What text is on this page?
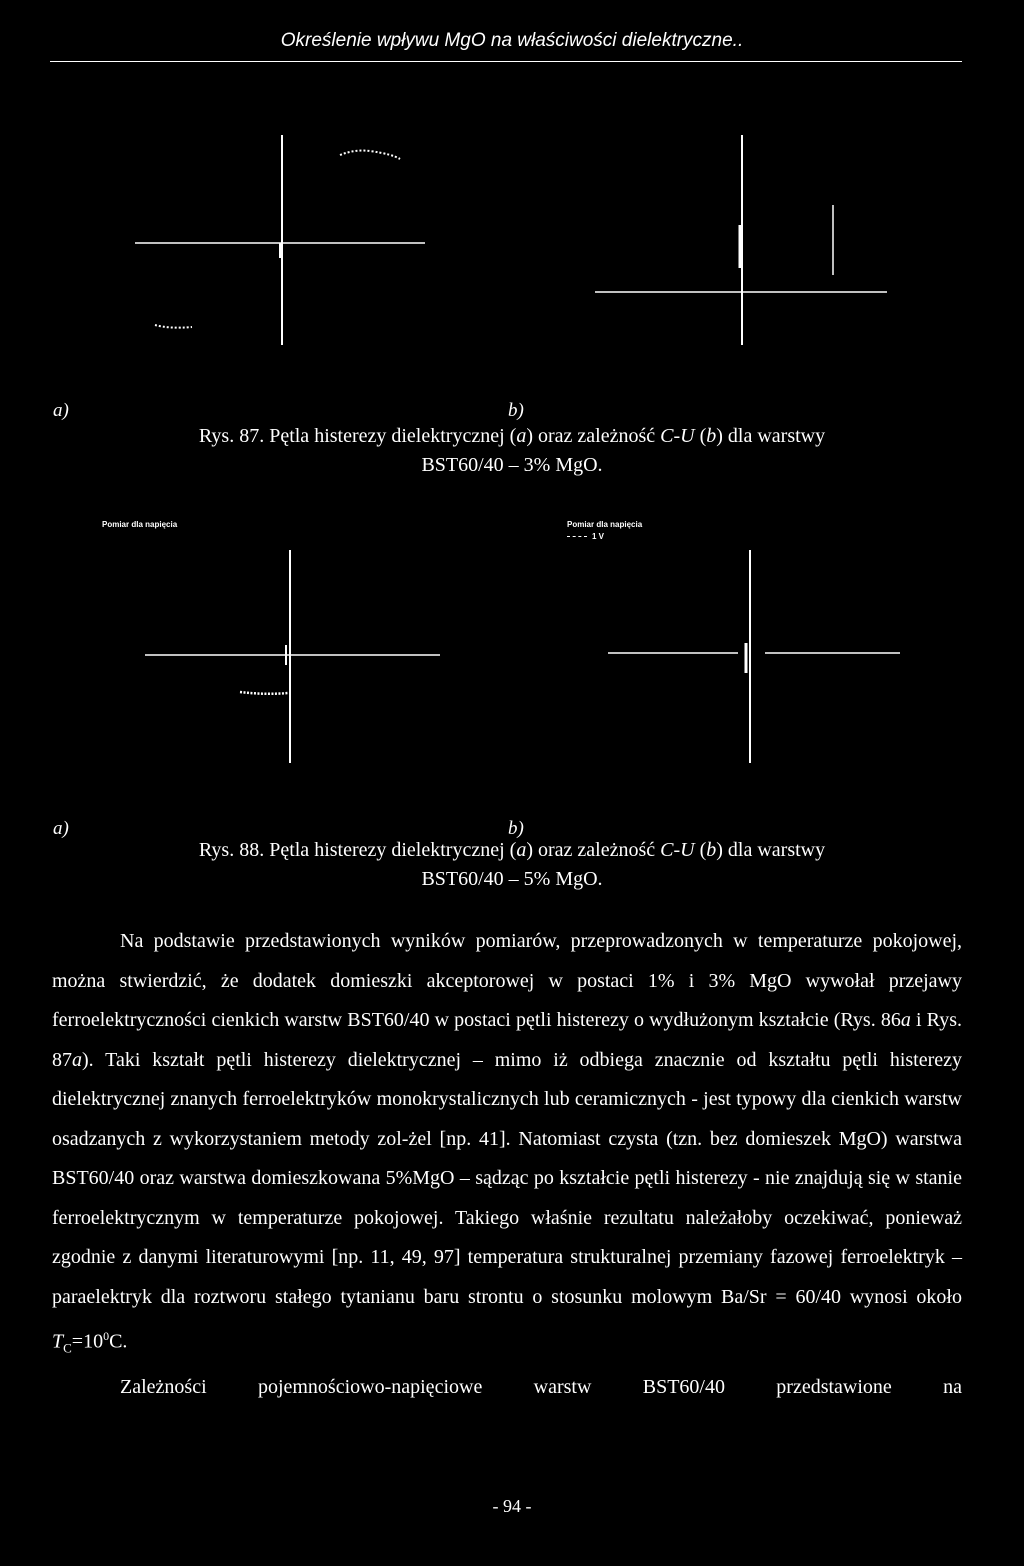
Określenie wpływu MgO na właściwości dielektryczne..
a)	b)
Rys. 87. Pętla histerezy dielektrycznej (a) oraz zależność C-U (b) dla warstwy
BST60/40 – 3% MgO.
Pomiar dla napięcia	Pomiar dla napięcia
1 V
a)	b)
Rys. 88. Pętla histerezy dielektrycznej (a) oraz zależność C-U (b) dla warstwy
BST60/40 – 5% MgO.

Na podstawie przedstawionych wyników pomiarów, przeprowadzonych w temperaturze pokojowej, można stwierdzić, że dodatek domieszki akceptorowej w postaci 1% i 3% MgO wywołał przejawy ferroelektryczności cienkich warstw BST60/40 w postaci pętli histerezy o wydłużonym kształcie (Rys. 86a i Rys. 87a). Taki kształt pętli histerezy dielektrycznej – mimo iż odbiega znacznie od kształtu pętli histerezy dielektrycznej znanych ferroelektryków monokrystalicznych lub ceramicznych - jest typowy dla cienkich warstw osadzanych z wykorzystaniem metody zol-żel [np. 41]. Natomiast czysta (tzn. bez domieszek MgO) warstwa BST60/40 oraz warstwa domieszkowana 5%MgO – sądząc po kształcie pętli histerezy - nie znajdują się w stanie ferroelektrycznym w temperaturze pokojowej. Takiego właśnie rezultatu należałoby oczekiwać, ponieważ zgodnie z danymi literaturowymi [np. 11, 49, 97] temperatura strukturalnej przemiany fazowej ferroelektryk – paraelektryk dla roztworu stałego tytanianu baru strontu o stosunku molowym Ba/Sr = 60/40 wynosi około $T_C=10^0C$.

Zależności pojemnościowo-napięciowe warstw BST60/40 przedstawione na

- 94 -
